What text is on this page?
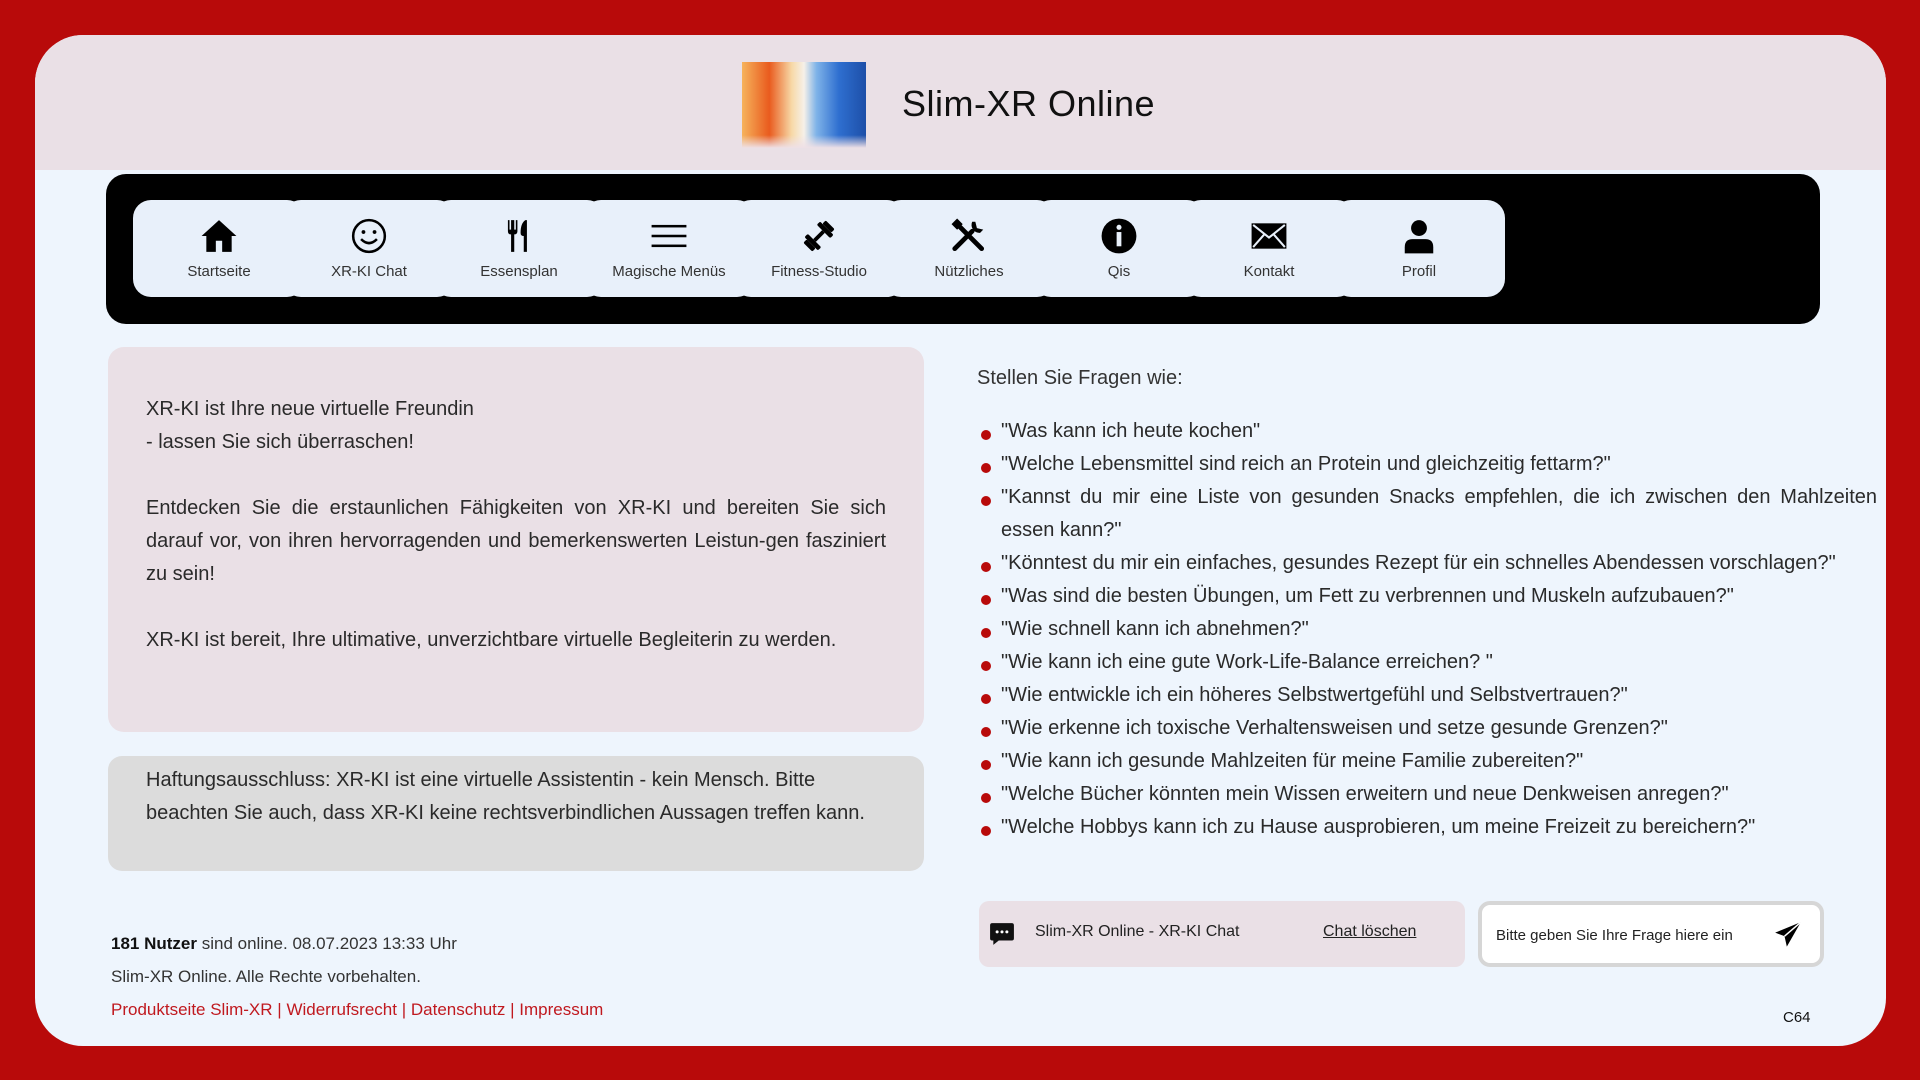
Slim-XR Online
Startseite	XR-KI Chat	Essensplan	Magische Menüs	Fitness-Studio	Nützliches	Qis	Kontakt	Profil

XR-KI ist Ihre neue virtuelle Freundin
- lassen Sie sich überraschen!

Entdecken Sie die erstaunlichen Fähigkeiten von XR-KI und bereiten Sie sich darauf vor, von ihren hervorragenden und bemerkenswerten Leistun-gen fasziniert zu sein!

XR-KI ist bereit, Ihre ultimative, unverzichtbare virtuelle Begleiterin zu werden.

Haftungsausschluss: XR-KI ist eine virtuelle Assistentin - kein Mensch. Bitte beachten Sie auch, dass XR-KI keine rechtsverbindlichen Aussagen treffen kann.
181 Nutzer sind online. 08.07.2023 13:33 Uhr
Slim-XR Online. Alle Rechte vorbehalten.
Produktseite Slim-XR | Widerrufsrecht | Datenschutz | Impressum
Stellen Sie Fragen wie:
"Was kann ich heute kochen"
"Welche Lebensmittel sind reich an Protein und gleichzeitig fettarm?"
"Kannst du mir eine Liste von gesunden Snacks empfehlen, die ich zwischen den Mahlzeiten essen kann?"
"Könntest du mir ein einfaches, gesundes Rezept für ein schnelles Abendessen vorschlagen?"
"Was sind die besten Übungen, um Fett zu verbrennen und Muskeln aufzubauen?"
"Wie schnell kann ich abnehmen?"
"Wie kann ich eine gute Work-Life-Balance erreichen? "
"Wie entwickle ich ein höheres Selbstwertgefühl und Selbstvertrauen?"
"Wie erkenne ich toxische Verhaltensweisen und setze gesunde Grenzen?"
"Wie kann ich gesunde Mahlzeiten für meine Familie zubereiten?"
"Welche Bücher könnten mein Wissen erweitern und neue Denkweisen anregen?"
"Welche Hobbys kann ich zu Hause ausprobieren, um meine Freizeit zu bereichern?"
Slim-XR Online - XR-KI Chat	Chat löschen	Bitte geben Sie Ihre Frage hiere ein
C64
